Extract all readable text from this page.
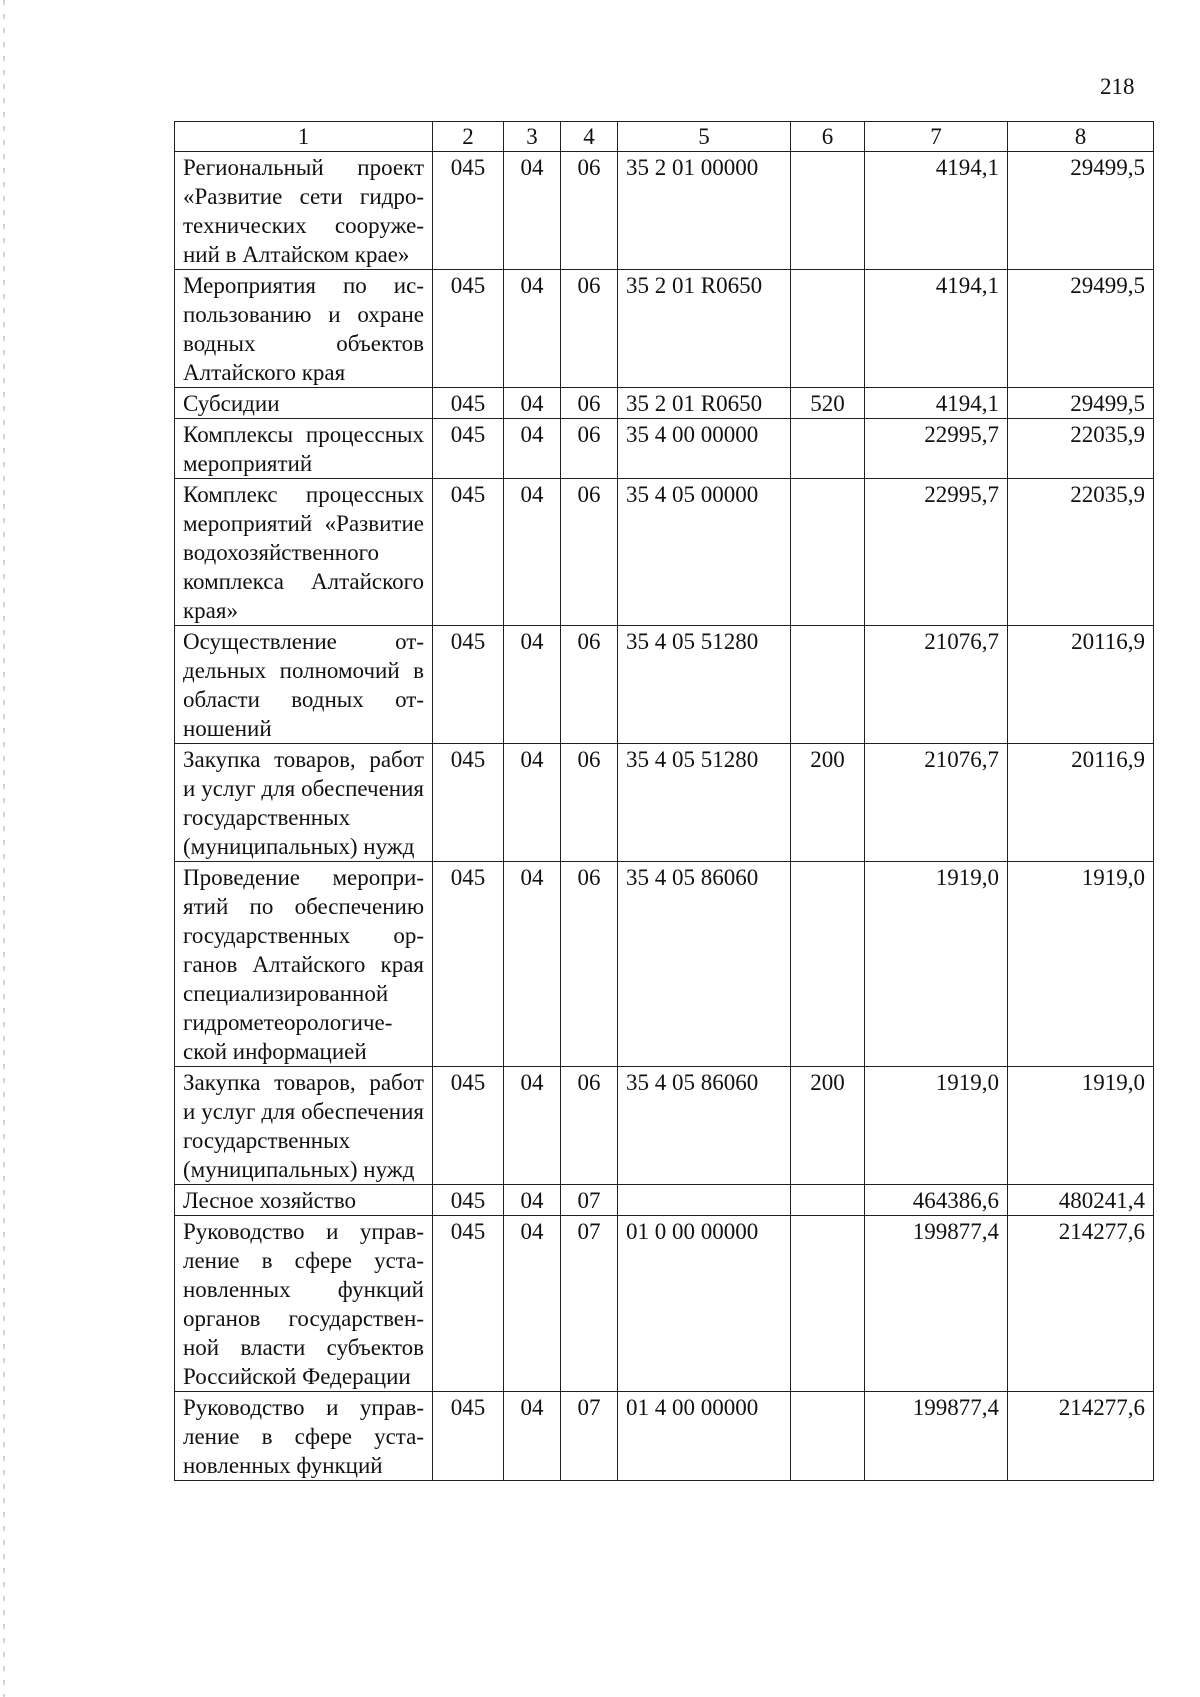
218
1	2	3	4	5	6	7	8
Региональный проект «Развитие сети гидротехнических сооружений в Алтайском крае»	045	04	06	35 2 01 00000		4194,1	29499,5
Мероприятия по использованию и охране водных объектов Алтайского края	045	04	06	35 2 01 R0650		4194,1	29499,5
Субсидии	045	04	06	35 2 01 R0650	520	4194,1	29499,5
Комплексы процессных мероприятий	045	04	06	35 4 00 00000		22995,7	22035,9
Комплекс процессных мероприятий «Развитие водохозяйственного комплекса Алтайского края»	045	04	06	35 4 05 00000		22995,7	22035,9
Осуществление отдельных полномочий в области водных отношений	045	04	06	35 4 05 51280		21076,7	20116,9
Закупка товаров, работ и услуг для обеспечения государственных (муниципальных) нужд	045	04	06	35 4 05 51280	200	21076,7	20116,9
Проведение мероприятий по обеспечению государственных органов Алтайского края специализированной гидрометеорологической информацией	045	04	06	35 4 05 86060		1919,0	1919,0
Закупка товаров, работ и услуг для обеспечения государственных (муниципальных) нужд	045	04	06	35 4 05 86060	200	1919,0	1919,0
Лесное хозяйство	045	04	07			464386,6	480241,4
Руководство и управление в сфере установленных функций органов государственной власти субъектов Российской Федерации	045	04	07	01 0 00 00000		199877,4	214277,6
Руководство и управление в сфере установленных функций	045	04	07	01 4 00 00000		199877,4	214277,6
